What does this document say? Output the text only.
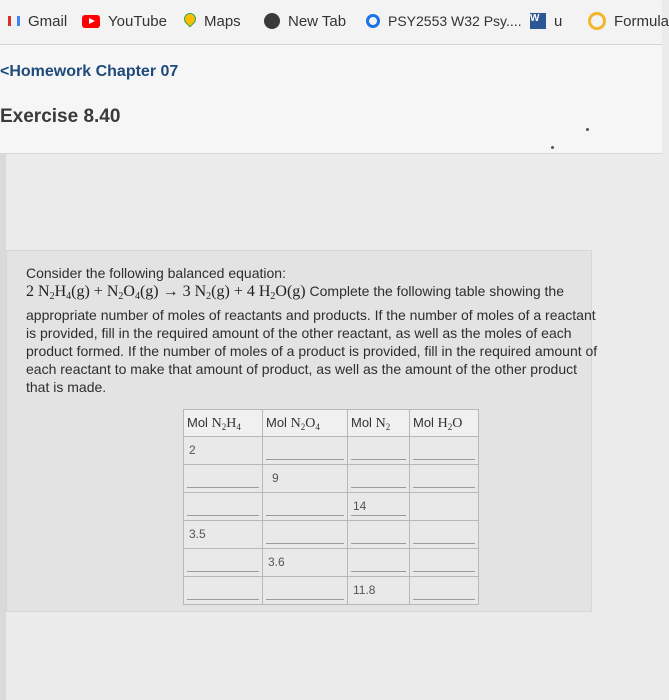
Gmail	YouTube Maps	New Tab	PSY2553 W32 Psy.... W u	Formula
<Homework Chapter 07
Exercise 8.40
Consider the following balanced equation:
2 $N_2H_4(g) + N_2O_4(g) \to 3$ $N_2(g) + 4$ $H_2O(g)$ Complete the following table showing the appropriate number of moles of reactants and products. If the number of moles of a reactant is provided, fill in the required amount of the other reactant, as well as the moles of each product formed. If the number of moles of a product is provided, fill in the required amount of each reactant to make that amount of product, as well as the amount of the other product that is made.
Mol $N_2H_4$	Mol $N_2O_4$	Mol $N_2$	Mol $H_2O$

2			

	9		

		14	

3.5			

	3.6		

		11.8	
